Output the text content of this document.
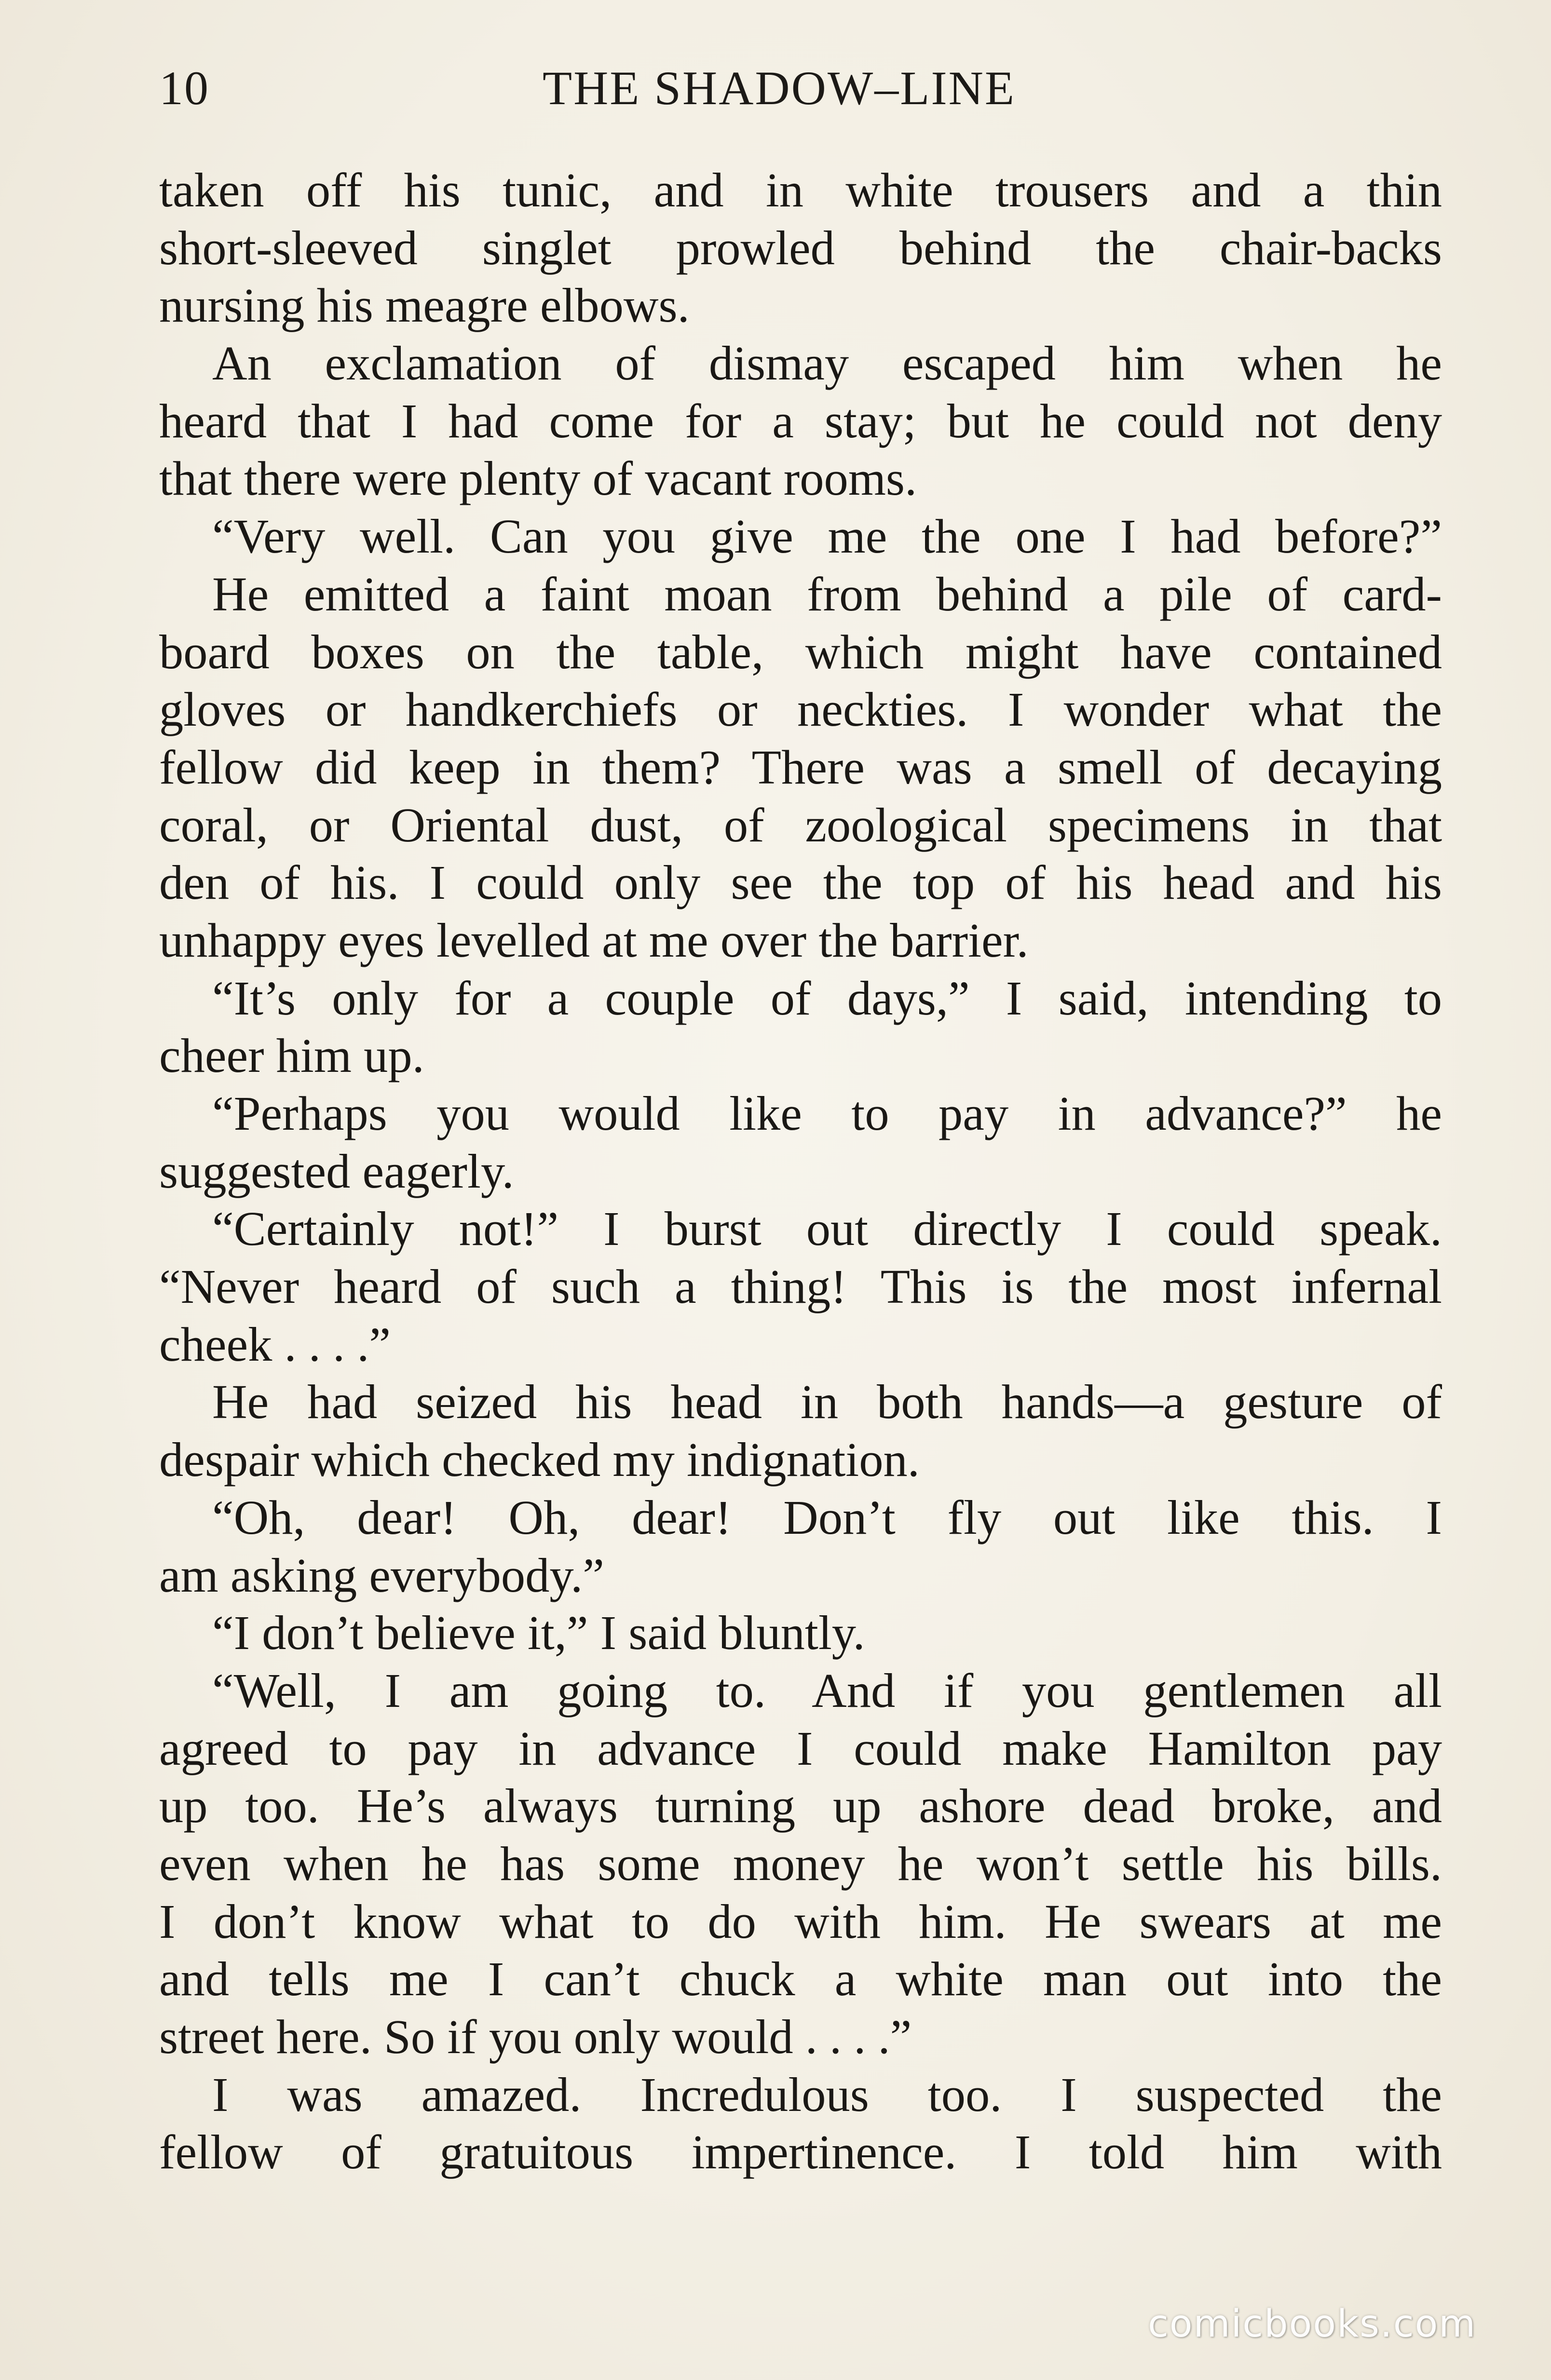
10	THE SHADOW–LINE
taken off his tunic, and in white trousers and a thin
short-sleeved singlet prowled behind the chair-backs
nursing his meagre elbows.
An exclamation of dismay escaped him when he
heard that I had come for a stay; but he could not deny
that there were plenty of vacant rooms.
“Very well. Can you give me the one I had before?”
He emitted a faint moan from behind a pile of card-
board boxes on the table, which might have contained
gloves or handkerchiefs or neckties. I wonder what the
fellow did keep in them? There was a smell of decaying
coral, or Oriental dust, of zoological specimens in that
den of his. I could only see the top of his head and his
unhappy eyes levelled at me over the barrier.
“It’s only for a couple of days,” I said, intending to
cheer him up.
“Perhaps you would like to pay in advance?” he
suggested eagerly.
“Certainly not!” I burst out directly I could speak.
“Never heard of such a thing! This is the most infernal
cheek . . . .”
He had seized his head in both hands—a gesture of
despair which checked my indignation.
“Oh, dear! Oh, dear! Don’t fly out like this. I
am asking everybody.”
“I don’t believe it,” I said bluntly.
“Well, I am going to. And if you gentlemen all
agreed to pay in advance I could make Hamilton pay
up too. He’s always turning up ashore dead broke, and
even when he has some money he won’t settle his bills.
I don’t know what to do with him. He swears at me
and tells me I can’t chuck a white man out into the
street here. So if you only would . . . .”
I was amazed. Incredulous too. I suspected the
fellow of gratuitous impertinence. I told him with
comicbooks.com
